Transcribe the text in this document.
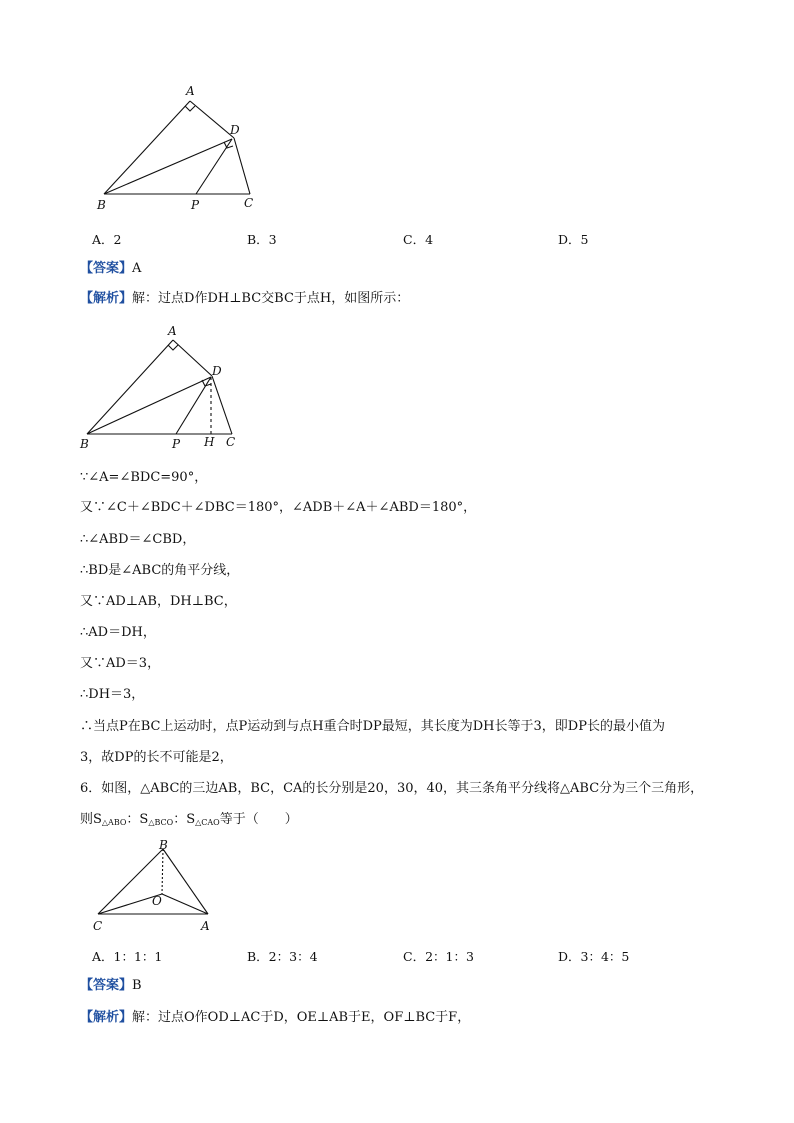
A
D
B	P	C
A．2	B．3	C．4	D．5
【答案】A
【解析】解：过点D作DH⊥BC交BC于点H，如图所示：
A
D
B	P H C
∵∠A=∠BDC=90°，
又∵∠C＋∠BDC＋∠DBC＝180°，∠ADB＋∠A＋∠ABD＝180°，
∴∠ABD＝∠CBD，
∴BD是∠ABC的角平分线，
又∵AD⊥AB，DH⊥BC，
∴AD＝DH，
又∵AD＝3，
∴DH＝3，
∴当点P在BC上运动时，点P运动到与点H重合时DP最短，其长度为DH长等于3，即DP长的最小值为
3，故DP的长不可能是2，
6．如图，△ABC的三边AB，BC，CA的长分别是20，30，40，其三条角平分线将△ABC分为三个三角形，
则$S_{\triangle ABO}$：$S_{\triangle BCO}$：$S_{\triangle CAO}$等于（　　）
B
O
C	A
A．1：1：1	B．2：3：4	C．2：1：3	D．3：4：5
【答案】B
【解析】解：过点O作OD⊥AC于D，OE⊥AB于E，OF⊥BC于F，
